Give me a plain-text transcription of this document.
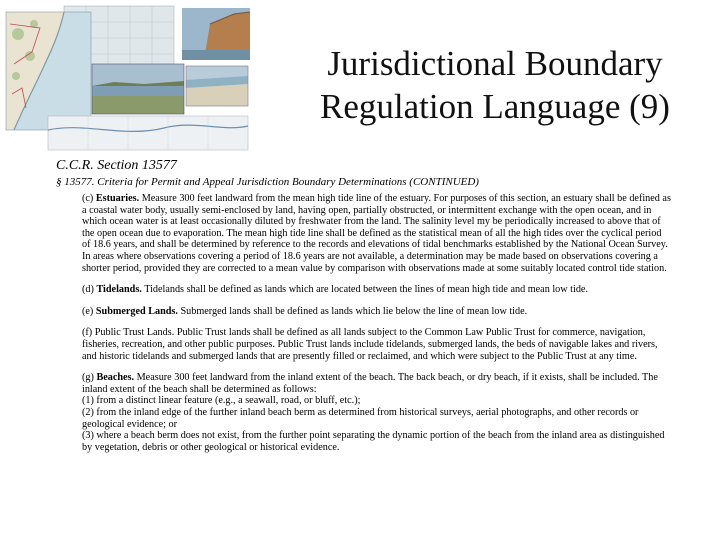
Jurisdictional Boundary
Regulation Language (9)
C.C.R. Section 13577
§ 13577. Criteria for Permit and Appeal Jurisdiction Boundary Determinations (CONTINUED)

(c) Estuaries. Measure 300 feet landward from the mean high tide line of the estuary. For purposes of this section, an estuary shall be defined as a coastal water body, usually semi-enclosed by land, having open, partially obstructed, or intermittent exchange with the open ocean, and in which ocean water is at least occasionally diluted by freshwater from the land. The salinity level my be periodically increased to above that of the open ocean due to evaporation. The mean high tide line shall be defined as the statistical mean of all the high tides over the cyclical period of 18.6 years, and shall be determined by reference to the records and elevations of tidal benchmarks established by the National Ocean Survey. In areas where observations covering a period of 18.6 years are not available, a determination may be made based on observations covering a shorter period, provided they are corrected to a mean value by comparison with observations made at some suitably located control tide station.

(d) Tidelands. Tidelands shall be defined as lands which are located between the lines of mean high tide and mean low tide.

(e) Submerged Lands. Submerged lands shall be defined as lands which lie below the line of mean low tide.

(f) Public Trust Lands. Public Trust lands shall be defined as all lands subject to the Common Law Public Trust for commerce, navigation, fisheries, recreation, and other public purposes. Public Trust lands include tidelands, submerged lands, the beds of navigable lakes and rivers, and historic tidelands and submerged lands that are presently filled or reclaimed, and which were subject to the Public Trust at any time.

(g) Beaches. Measure 300 feet landward from the inland extent of the beach. The back beach, or dry beach, if it exists, shall be included. The inland extent of the beach shall be determined as follows:
(1) from a distinct linear feature (e.g., a seawall, road, or bluff, etc.);
(2) from the inland edge of the further inland beach berm as determined from historical surveys, aerial photographs, and other records or geological evidence; or
(3) where a beach berm does not exist, from the further point separating the dynamic portion of the beach from the inland area as distinguished by vegetation, debris or other geological or historical evidence.
